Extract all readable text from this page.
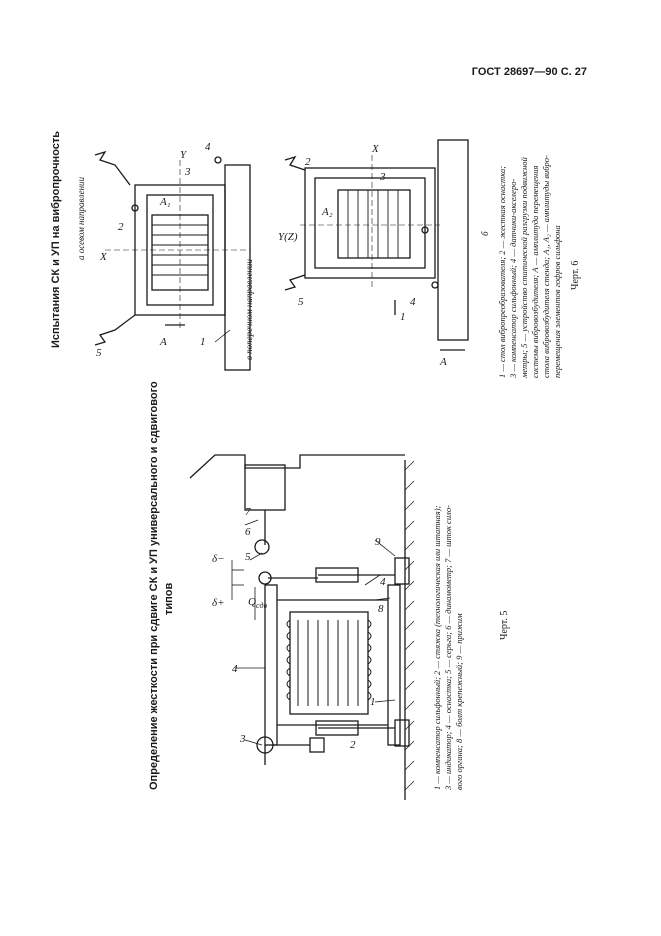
ГОСТ 28697—90 С. 27
Определение жесткости при сдвиге СК и УП универсального и сдвигового типов	1 — компенсатор сильфонный; 2 — стяжка (технологическая или штатная); 3 — индикатор; 4 — оснастка; 5 — серьга; 6 — динамометр; 7 — шток сило- вого органа; 8 — болт крепежный; 9 — прижим	Черт. 5
4
2
3
1
4
5
6
7
8
9
δ+
δ−
Q сдв
Испытания СК и УП на вибропрочность а осевом направлении
в поперечном направлении
б 1 — стол вибропреобразователя; 2 — жесткая оснастка; 3 — компенсатор сильфонный; 4 — датчики-акселеро- метры; 5 — устройство статической разгрузки подвижной системы вибровозбудителя; А — амплитуда перемещения стола вибровозбудителя стенда; А₁, А₂ — амплитуды вибро- перемещения элементов гофров сильфона Черт. 6
5
1
2
3
4
X
Y
A
A₁
5
1
4
2
3
X
Y(Z)
A
A₂
